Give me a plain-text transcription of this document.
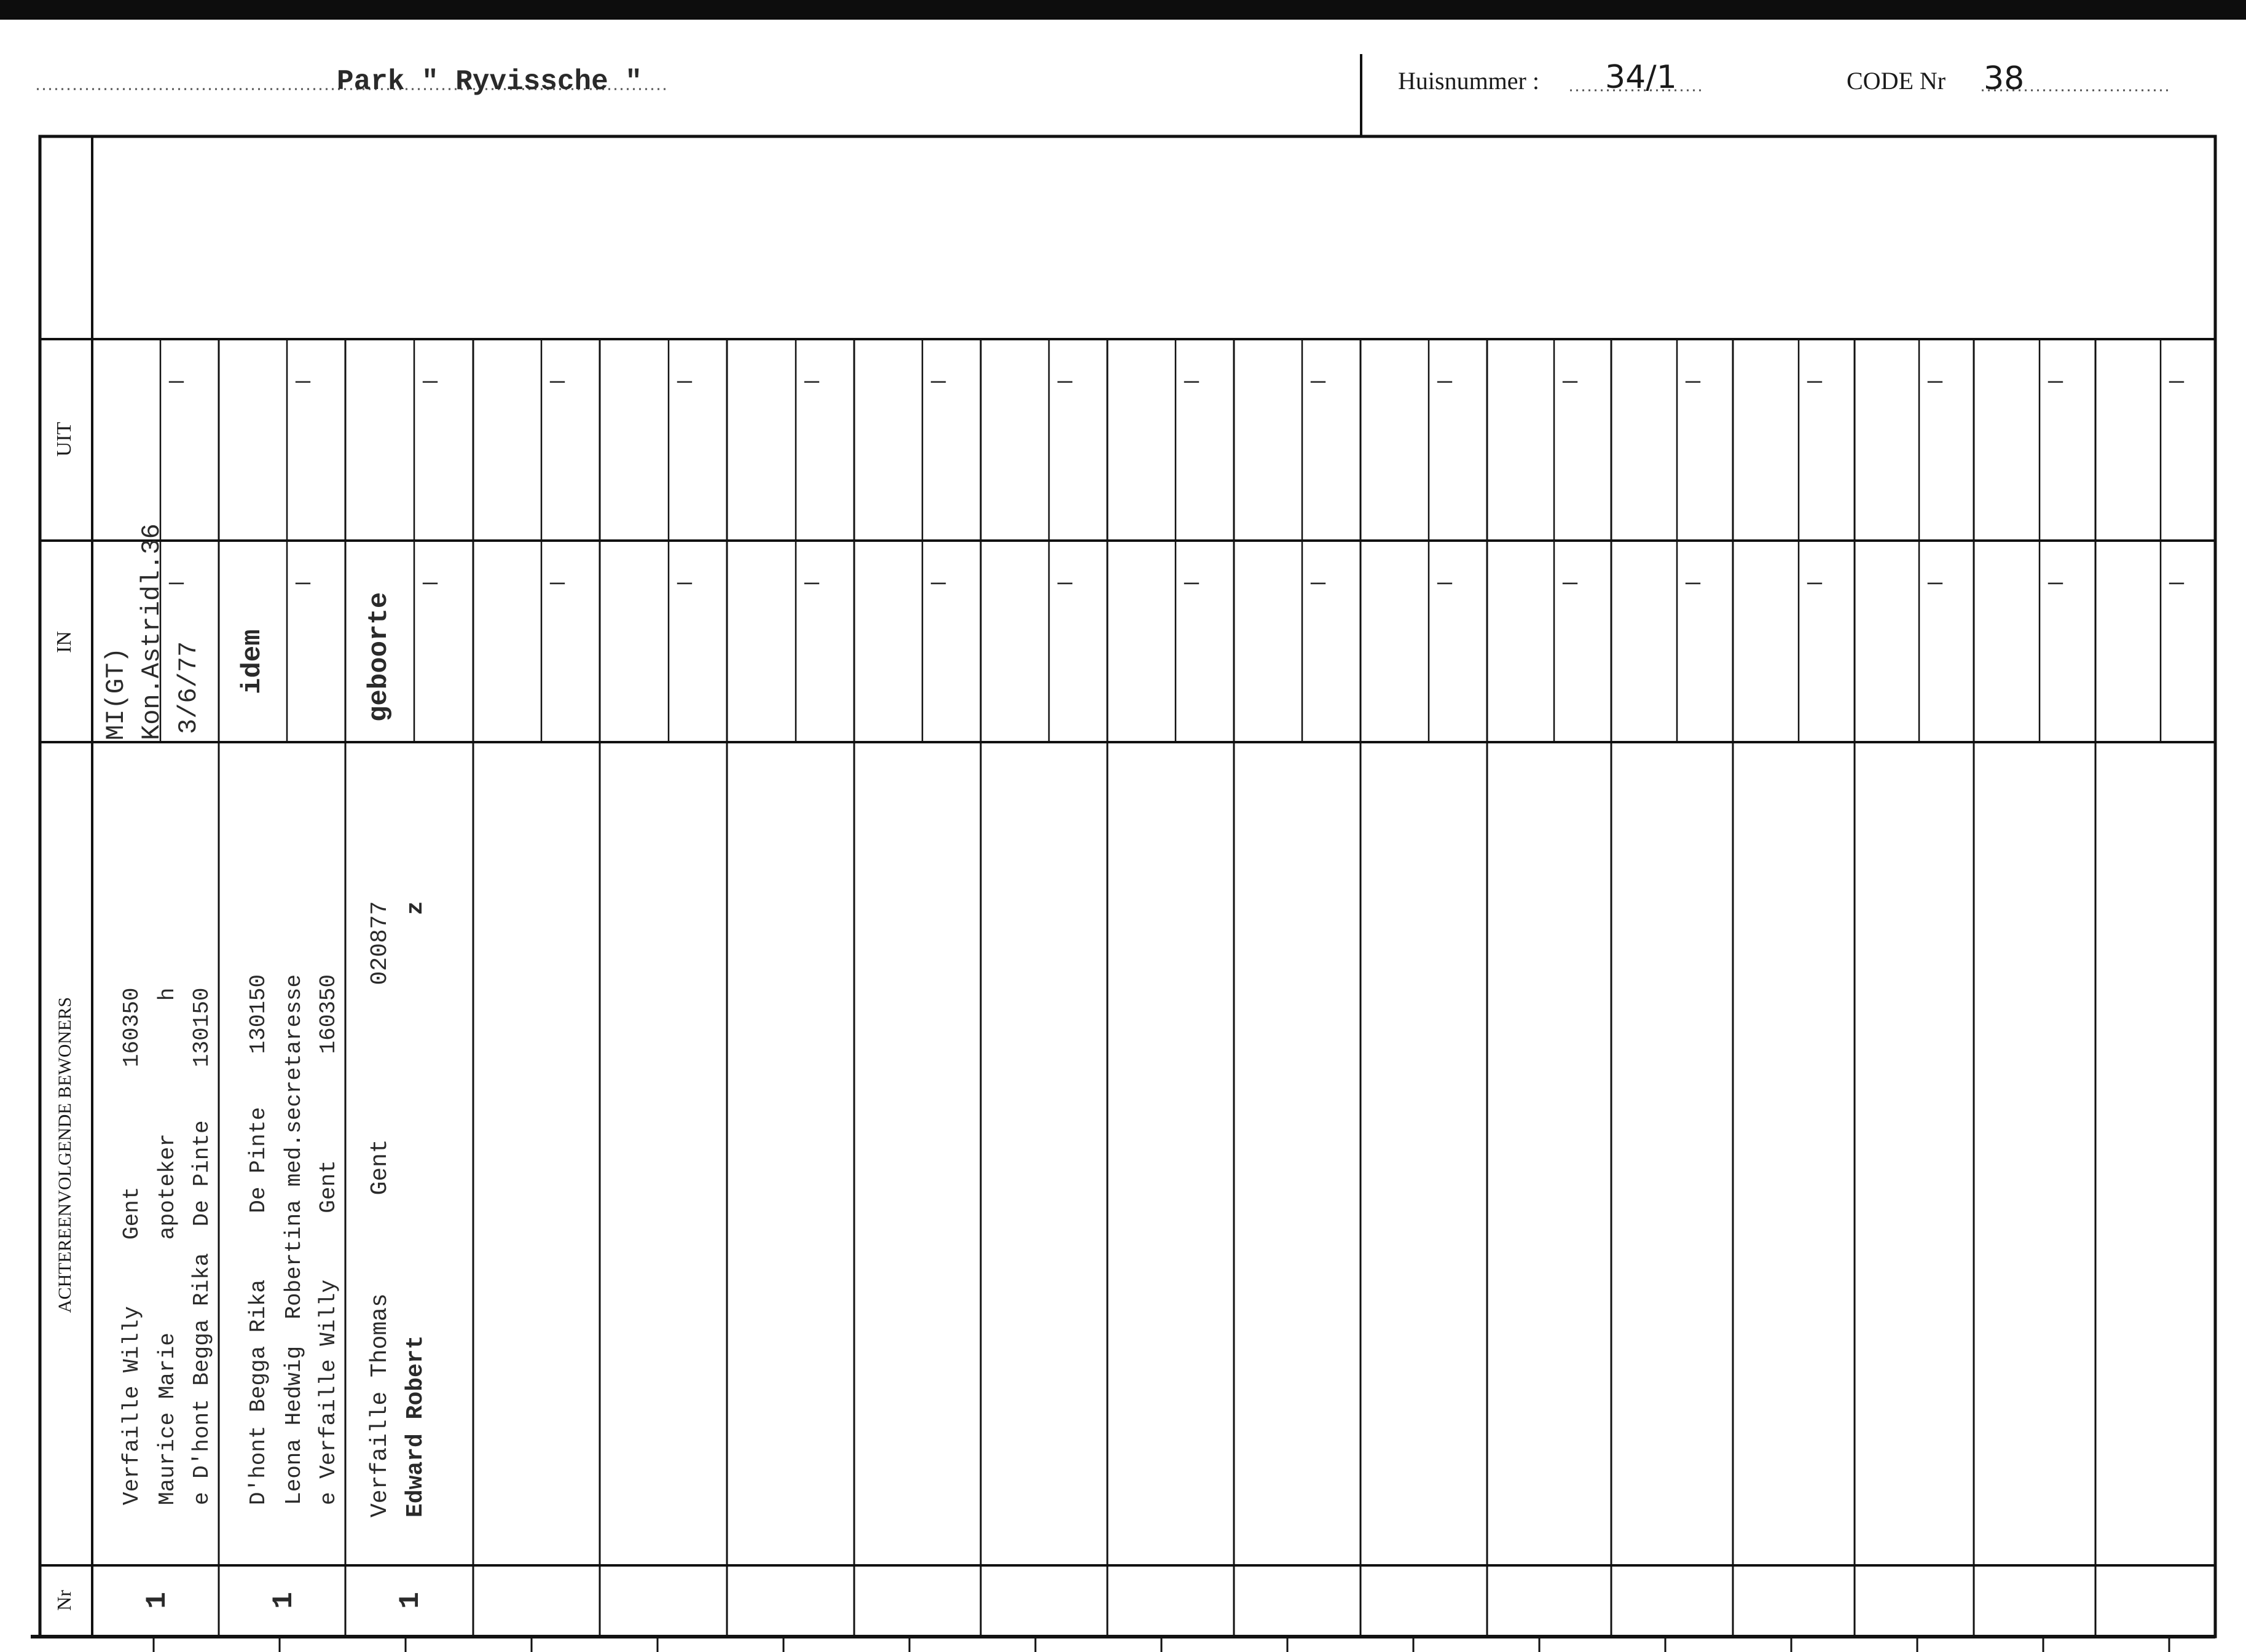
Park " Ryvissche "	Huisnummer : 34/1	CODE Nr 38
—
—
—
—
—
—
—
—
—
—
—
—
—
—
—
—
—
—
—
—
—
—
—
—
—
—
—
—
—
—
—
—
—
—
UIT
IN
ACHTEREENVOLGENDE BEWONERS
Nr
MI(GT) Kon.Astridl.36 3/6/77
Verfaille Willy     Gent         160350 Maurice Marie       apoteker          h e D'hont Begga Rika  De Pinte    130150
1
idem
D'hont Begga Rika     De Pinte    130150 Leona Hedwig  Robertina med.secretaresse e Verfaille Willy     Gent        160350
1
geboorte
Verfaille Thomas       Gent           020877 Edward Robert                              z
1
